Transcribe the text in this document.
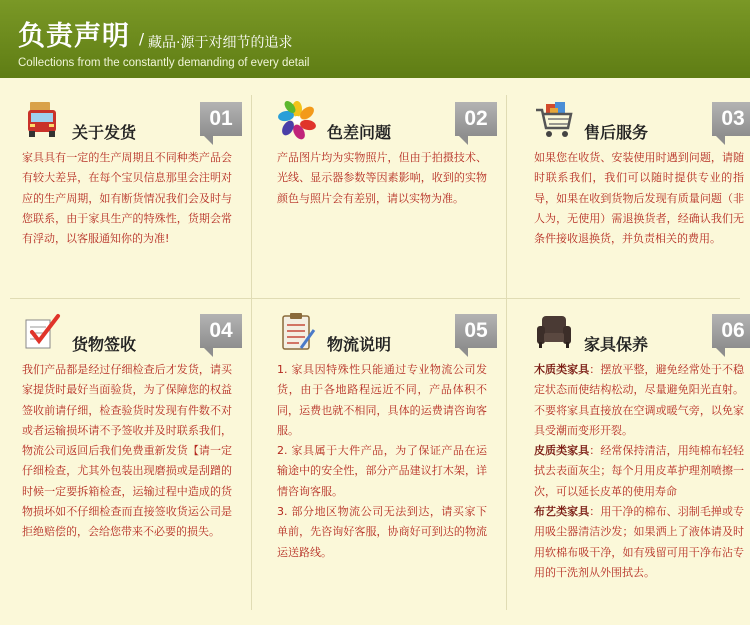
负责声明 / 藏品·源于对细节的追求
Collections from the constantly demanding of every detail
关于发货
01
家具具有一定的生产周期且不同种类产品会有较大差异，在每个宝贝信息那里会注明对应的生产周期，如有断货情况我们会及时与您联系，由于家具生产的特殊性，货期会常有浮动，以客服通知你的为准!
色差问题
02
产品图片均为实物照片，但由于拍摄技术、光线、显示器参数等因素影响，收到的实物颜色与照片会有差别，请以实物为准。
售后服务
03
如果您在收货、安装使用时遇到问题，请随时联系我们，我们可以随时提供专业的指导，如果在收到货物后发现有质量问题（非人为，无使用）需退换货者，经确认我们无条件接收退换货，并负责相关的费用。
货物签收
04
我们产品都是经过仔细检查后才发货，请买家提货时最好当面验货，为了保障您的权益签收前请仔细，检查验货时发现有件数不对或者运输损坏请不予签收并及时联系我们，物流公司返回后我们免费重新发货【请一定仔细检查，尤其外包装出现磨损或是刮蹭的时候一定要拆箱检查，运输过程中造成的货物损坏如不仔细检查而直接签收货运公司是拒绝赔偿的，会给您带来不必要的损失。
物流说明
05
1. 家具因特殊性只能通过专业物流公司发货，由于各地路程远近不同，产品体积不同，运费也就不相同，具体的运费请咨询客服。
2. 家具属于大件产品，为了保证产品在运输途中的安全性，部分产品建议打木架，详情咨询客服。
3. 部分地区物流公司无法到达，请买家下单前，先咨询好客服，协商好可到达的物流运送路线。
家具保养
06
木质类家具：摆放平整，避免经常处于不稳定状态而使结构松动，尽量避免阳光直射。不要将家具直接放在空调或暖气旁，以免家具受潮而变形开裂。
皮质类家具：经常保持清洁，用纯棉布轻轻拭去表面灰尘；每个月用皮革护理剂喷擦一次，可以延长皮革的使用寿命
布艺类家具：用干净的棉布、羽制毛掸或专用吸尘器清洁沙发；如果洒上了液体请及时用软棉布吸干净，如有残留可用干净布沾专用的干洗剂从外围拭去。
